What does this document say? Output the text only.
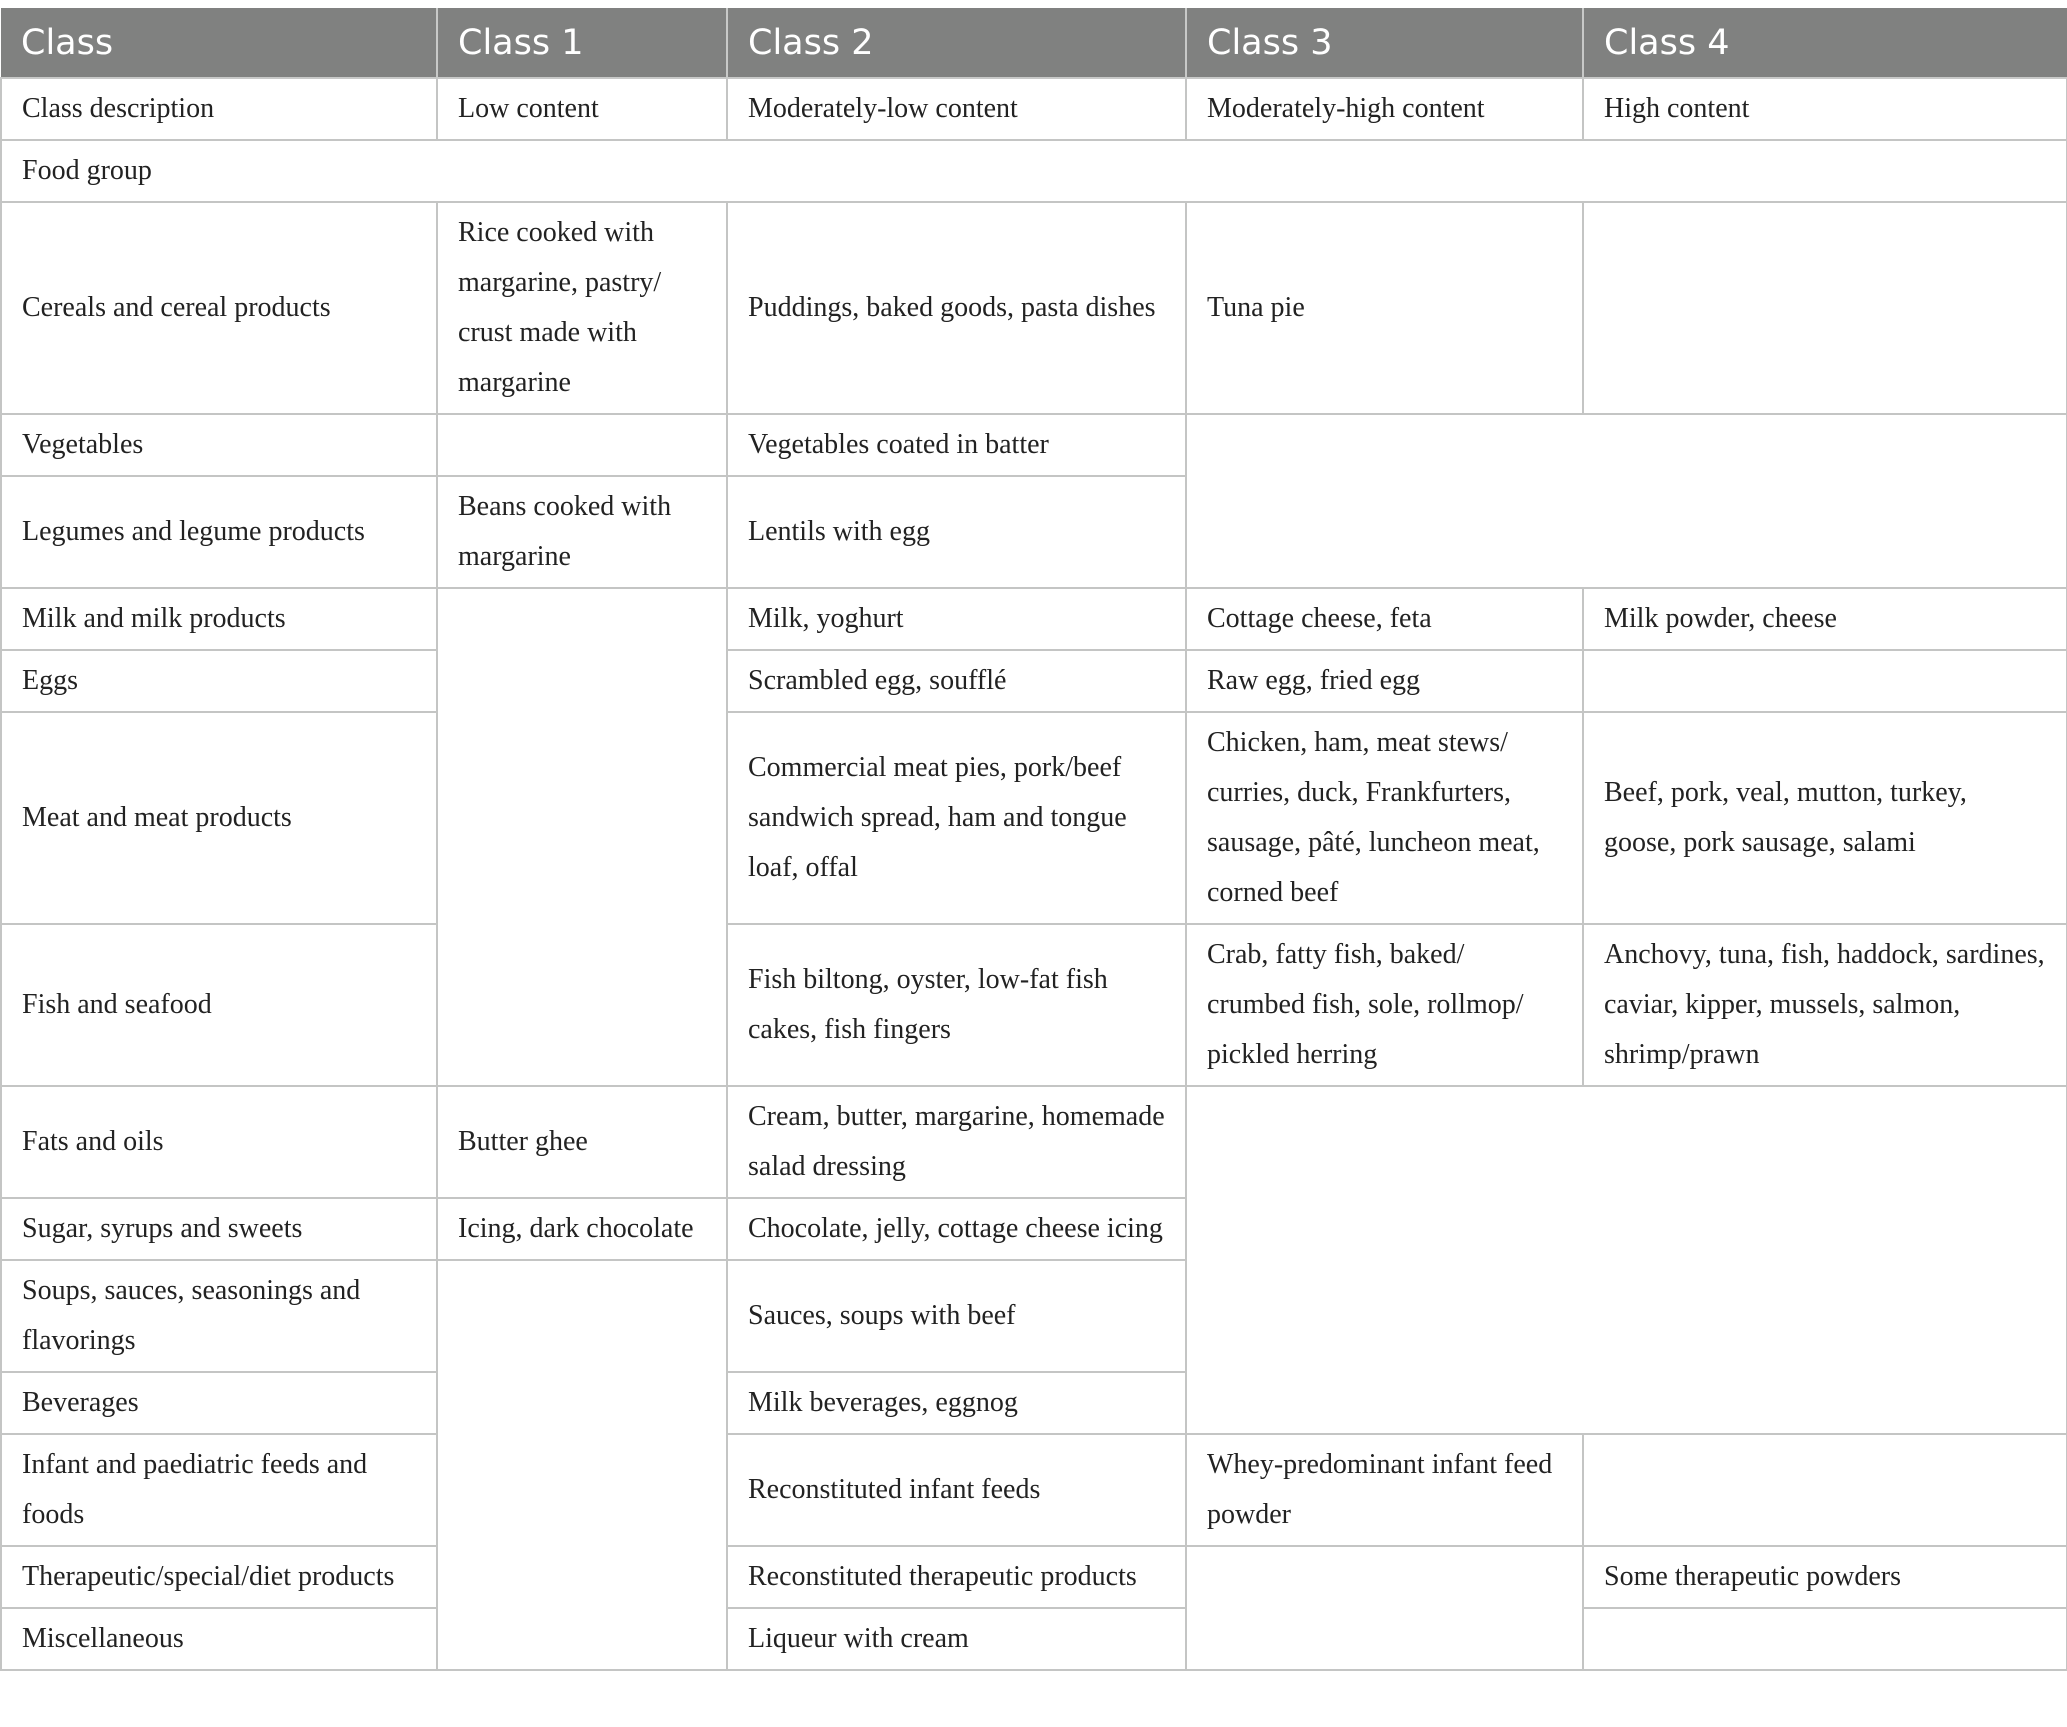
Class	Class 1	Class 2	Class 3	Class 4
Class description	Low content	Moderately-low content	Moderately-high content	High content
Food group				
Cereals and cereal products	Rice cooked with margarine, pastry/ crust made with margarine	Puddings, baked goods, pasta dishes	Tuna pie	
Vegetables		Vegetables coated in batter		
Legumes and legume products	Beans cooked with margarine	Lentils with egg		
Milk and milk products		Milk, yoghurt	Cottage cheese, feta	Milk powder, cheese
Eggs		Scrambled egg, soufflé	Raw egg, fried egg	
Meat and meat products		Commercial meat pies, pork/beef sandwich spread, ham and tongue loaf, offal	Chicken, ham, meat stews/ curries, duck, Frankfurters, sausage, pâté, luncheon meat, corned beef	Beef, pork, veal, mutton, turkey, goose, pork sausage, salami
Fish and seafood		Fish biltong, oyster, low-fat fish cakes, fish fingers	Crab, fatty fish, baked/ crumbed fish, sole, rollmop/ pickled herring	Anchovy, tuna, fish, haddock, sardines, caviar, kipper, mussels, salmon, shrimp/prawn
Fats and oils	Butter ghee	Cream, butter, margarine, homemade salad dressing		
Sugar, syrups and sweets	Icing, dark chocolate	Chocolate, jelly, cottage cheese icing		
Soups, sauces, seasonings and flavorings		Sauces, soups with beef		
Beverages		Milk beverages, eggnog		
Infant and paediatric feeds and foods		Reconstituted infant feeds	Whey-predominant infant feed powder	
Therapeutic/special/diet products		Reconstituted therapeutic products		Some therapeutic powders
Miscellaneous		Liqueur with cream		
